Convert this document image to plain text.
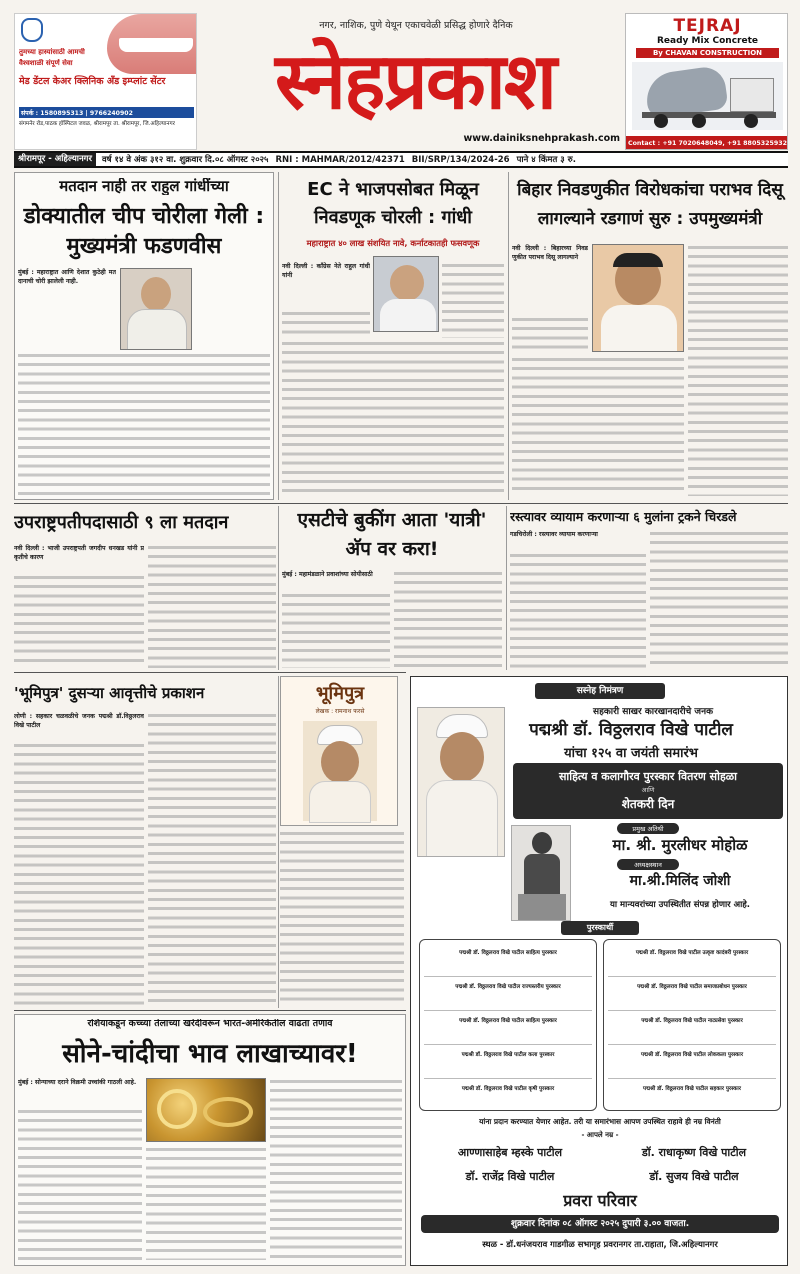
तुमच्या हास्यांसाठी आमची
वैश्वशाळी संपूर्ण सेवा
मेड डेंटल केअर क्लिनिक अँड इम्प्लांट सेंटर
संपर्क : 1580895313 | 9766240902
संगमनेर रोड,पाठक हॉस्पिटल जवळ, श्रीरामपूर ता. श्रीरामपूर, जि.अहिल्यानगर
नगर, नाशिक, पुणे येथून एकाचवेळी प्रसिद्ध होणारे दैनिक
स्नेहप्रकाश
www.dainiksnehprakash.com
TEJRAJ
Ready Mix Concrete
By CHAVAN CONSTRUCTION
Contact : +91 7020648049, +91 8805325932
श्रीरामपूर - अहिल्यानगर	वर्ष १४ वे अंक ३१२ वा. शुक्रवार दि.०८ ऑगस्ट २०२५ RNI : MAHMAR/2012/42371 BII/SRP/134/2024-26 पाने ४ किंमत ३ रु.
मतदान नाही तर राहुल गांधींच्या
डोक्यातील चीप चोरीला गेली : मुख्यमंत्री फडणवीस
मुंबई : महाराष्ट्रात आणि देशात कुठेही मतदानाची चोरी झालेली नाही.
EC ने भाजपसोबत मिळून निवडणूक चोरली : गांधी
महाराष्ट्रात ४० लाख संशयित नावे, कर्नाटकातही फसवणूक
नवी दिल्ली : काँग्रेस नेते राहुल गांधी यांनी
बिहार निवडणुकीत विरोधकांचा पराभव दिसू लागल्याने रडगाणं सुरु : उपमुख्यमंत्री
नवी दिल्ली : बिहारच्या निवडणुकीत पराभव दिसू लागल्याने
उपराष्ट्रपतीपदासाठी ९ ला मतदान
नवी दिल्ली : भाजी उपराष्ट्रपती जगदीप धनखड यांनी प्रकृतीचे कारण
एसटीचे बुकींग आता 'यात्री' अ‍ॅप वर करा!
मुंबई : महामंडळाने प्रवाशांच्या सोयीसाठी
रस्त्यावर व्यायाम करणाऱ्या ६ मुलांना ट्रकने चिरडले
गडचिरोली : रस्त्यावर व्यायाम करणाऱ्या
'भूमिपुत्र' दुसऱ्या आवृत्तीचे प्रकाशन	भूमिपुत्र
लेखक : रामनाथ फरसे
लोणी : सहकार चळवळीचे जनक पद्मश्री डॉ.विठ्ठलराव विखे पाटील
रशियाकडून कच्च्या तेलाच्या खरेदीवरून भारत-अमेरिकेतील वाढता तणाव
सोने-चांदीचा भाव लाखाच्यावर!
मुंबई : सोन्याच्या दराने विक्रमी उच्चांकी गाठली आहे.
सस्नेह निमंत्रण
सहकारी साखर कारखानदारीचे जनक
पद्मश्री डॉ. विठ्ठलराव विखे पाटील
यांचा १२५ वा जयंती समारंभ
साहित्य व कलागौरव पुरस्कार वितरण सोहळा
आणि
शेतकरी दिन
प्रमुख अतिथी
मा. श्री. मुरलीधर मोहोळ
अध्यक्षस्थान
मा.श्री.मिलिंद जोशी
या मान्यवरांच्या उपस्थितीत संपन्न होणार आहे.
पुरस्कार्थी
पद्मश्री डॉ. विठ्ठलराव विखे पाटील साहित्य पुरस्कार
पद्मश्री डॉ. विठ्ठलराव विखे पाटील राज्यस्तरीय पुरस्कार
पद्मश्री डॉ. विठ्ठलराव विखे पाटील साहित्य पुरस्कार
पद्मश्री डॉ. विठ्ठलराव विखे पाटील कला पुरस्कार
पद्मश्री डॉ. विठ्ठलराव विखे पाटील कृषी पुरस्कार
पद्मश्री डॉ. विठ्ठलराव विखे पाटील उत्कृष्ट कादंबरी पुरस्कार
पद्मश्री डॉ. विठ्ठलराव विखे पाटील समाजप्रबोधन पुरस्कार
पद्मश्री डॉ. विठ्ठलराव विखे पाटील नाट्यसेवा पुरस्कार
पद्मश्री डॉ. विठ्ठलराव विखे पाटील लोककला पुरस्कार
पद्मश्री डॉ. विठ्ठलराव विखे पाटील सहकार पुरस्कार
यांना प्रदान करण्यात येणार आहेत. तरी या समारंभास आपण उपस्थित राहावे ही नम्र विनंती
- आपले नम्र -
आण्णासाहेब म्हस्के पाटील	डॉ. राधाकृष्ण विखे पाटील
डॉ. राजेंद्र विखे पाटील	डॉ. सुजय विखे पाटील
प्रवरा परिवार
शुक्रवार दिनांक ०८ ऑगस्ट २०२५ दुपारी ३.०० वाजता.
स्थळ - डॉ.धनंजयराव गाडगीळ सभागृह प्रवरानगर ता.राहाता, जि.अहिल्यानगर
